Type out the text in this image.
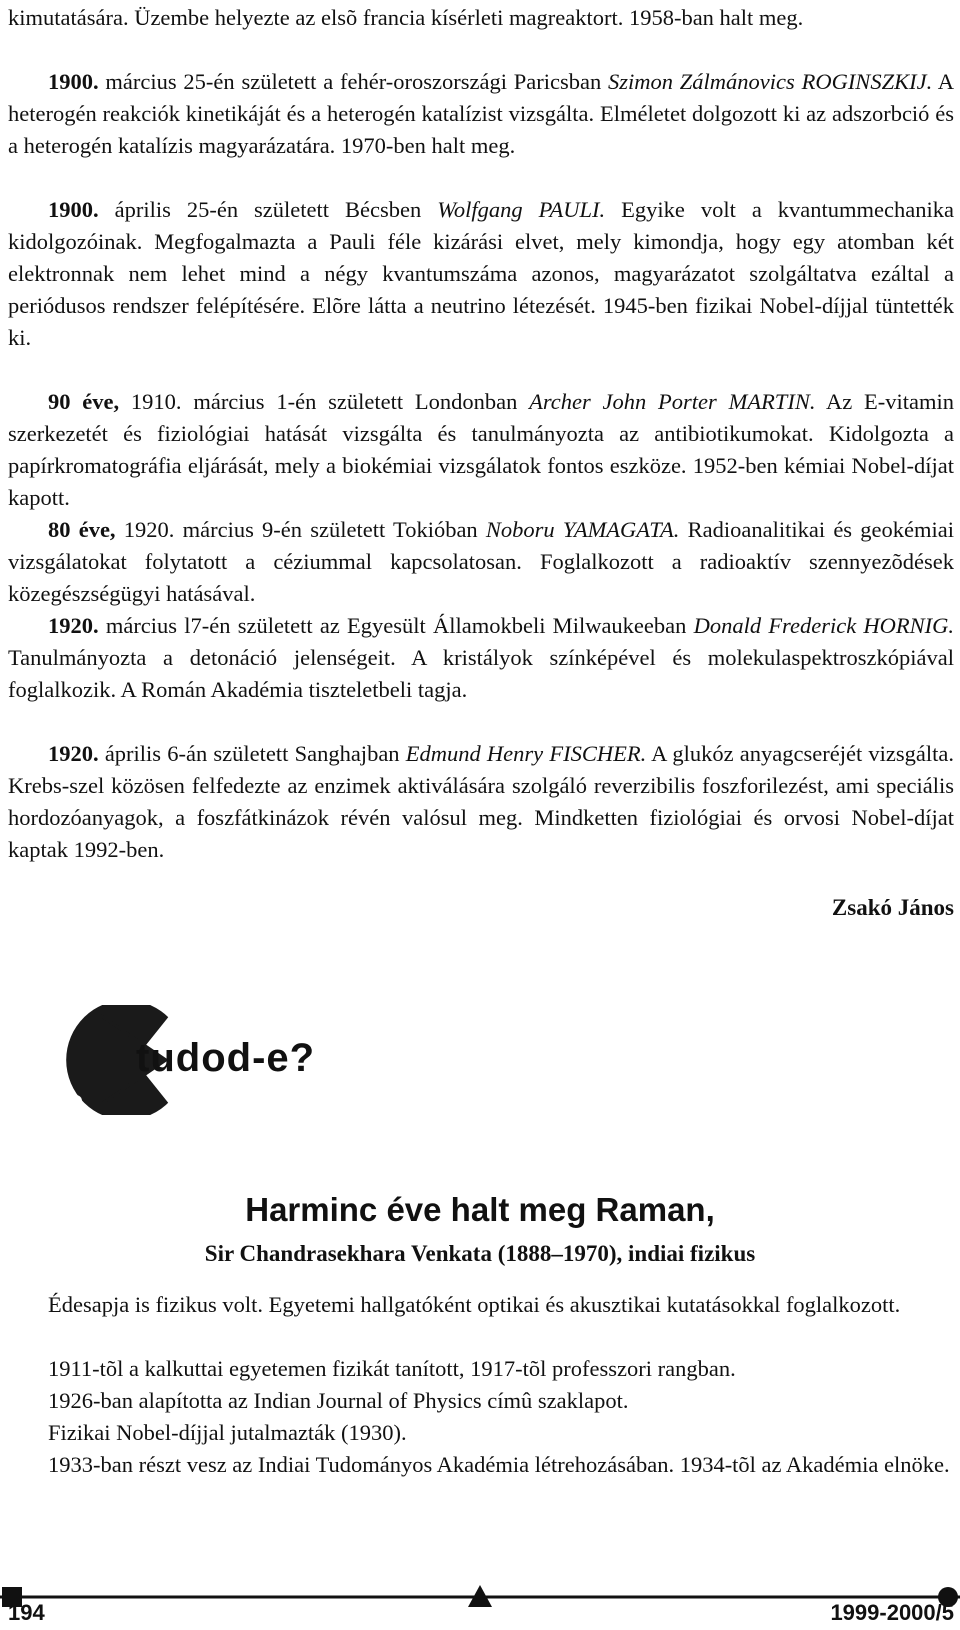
kimutatására. Üzembe helyezte az elsõ francia kísérleti magreaktort. 1958-ban halt meg.

1900. március 25-én született a fehér-oroszországi Paricsban Szimon Zálmánovics ROGINSZKIJ. A heterogén reakciók kinetikáját és a heterogén katalízist vizsgálta. Elméletet dolgozott ki az adszorbció és a heterogén katalízis magyarázatára. 1970-ben halt meg.

1900. április 25-én született Bécsben Wolfgang PAULI. Egyike volt a kvantummechanika kidolgozóinak. Megfogalmazta a Pauli féle kizárási elvet, mely kimondja, hogy egy atomban két elektronnak nem lehet mind a négy kvantumszáma azonos, magyarázatot szolgáltatva ezáltal a periódusos rendszer felépítésére. Elõre látta a neutrino létezését. 1945-ben fizikai Nobel-díjjal tüntették ki.

90 éve, 1910. március 1-én született Londonban Archer John Porter MARTIN. Az E-vitamin szerkezetét és fiziológiai hatását vizsgálta és tanulmányozta az antibiotikumokat. Kidolgozta a papírkromatográfia eljárását, mely a biokémiai vizsgálatok fontos eszköze. 1952-ben kémiai Nobel-díjat kapott.

80 éve, 1920. március 9-én született Tokióban Noboru YAMAGATA. Radioanalitikai és geokémiai vizsgálatokat folytatott a céziummal kapcsolatosan. Foglalkozott a radioaktív szennyezõdések közegészségügyi hatásával.

1920. március l7-én született az Egyesült Államokbeli Milwaukeeban Donald Frederick HORNIG. Tanulmányozta a detonáció jelenségeit. A kristályok színképével és molekulaspektroszkópiával foglalkozik. A Román Akadémia tiszteletbeli tagja.

1920. április 6-án született Sanghajban Edmund Henry FISCHER. A glukóz anyagcseréjét vizsgálta. Krebs-szel közösen felfedezte az enzimek aktiválására szolgáló reverzibilis foszforilezést, ami speciális hordozóanyagok, a foszfátkinázok révén valósul meg. Mindketten fiziológiai és orvosi Nobel-díjat kaptak 1992-ben.

Zsakó János
tudod-e?
Harminc éve halt meg Raman,
Sir Chandrasekhara Venkata (1888–1970), indiai fizikus

Édesapja is fizikus volt. Egyetemi hallgatóként optikai és akusztikai kutatásokkal foglalkozott.

1911-tõl a kalkuttai egyetemen fizikát tanított, 1917-tõl professzori rangban.

1926-ban alapította az Indian Journal of Physics címû szaklapot.

Fizikai Nobel-díjjal jutalmazták (1930).

1933-ban részt vesz az Indiai Tudományos Akadémia létrehozásában. 1934-tõl az Akadémia elnöke.

194	1999-2000/5
